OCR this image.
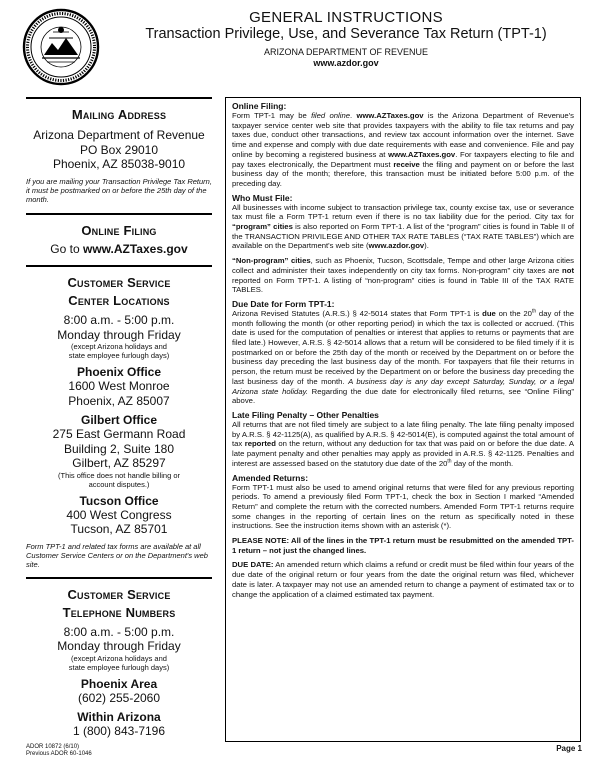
GENERAL INSTRUCTIONS
Transaction Privilege, Use, and Severance Tax Return (TPT-1)
ARIZONA DEPARTMENT OF REVENUE
www.azdor.gov
Mailing Address
Arizona Department of Revenue
PO Box 29010
Phoenix, AZ 85038-9010
If you are mailing your Transaction Privilege Tax Return, it must be postmarked on or before the 25th day of the month.
Online Filing
Go to www.AZTaxes.gov
Customer Service
Center Locations
8:00 a.m. - 5:00 p.m.
Monday through Friday
(except Arizona holidays and
state employee furlough days)
Phoenix Office
1600 West Monroe
Phoenix, AZ 85007
Gilbert Office
275 East Germann Road
Building 2, Suite 180
Gilbert, AZ 85297
(This office does not handle billing or
account disputes.)
Tucson Office
400 West Congress
Tucson, AZ 85701
Form TPT-1 and related tax forms are available at all Customer Service Centers or on the Department's web site.
Customer Service
Telephone Numbers
8:00 a.m. - 5:00 p.m.
Monday through Friday
(except Arizona holidays and
state employee furlough days)
Phoenix Area
(602) 255-2060
Within Arizona
1 (800) 843-7196
Online Filing:

Form TPT-1 may be filed online. www.AZTaxes.gov is the Arizona Department of Revenue's taxpayer service center web site that provides taxpayers with the ability to file tax returns and pay taxes due, conduct other transactions, and review tax account information over the internet. Save time and expense and comply with due date requirements with ease and convenience. File and pay online by becoming a registered business at www.AZTaxes.gov. For taxpayers electing to file and pay taxes electronically, the Department must receive the filing and payment on or before the last business day of the month; therefore, this transaction must be initiated before 5:00 p.m. of the preceding day.

Who Must File:

All businesses with income subject to transaction privilege tax, county excise tax, use or severance tax must file a Form TPT-1 return even if there is no tax liability due for the period. City tax for “program” cities is also reported on Form TPT-1. A list of the “program” cities is found in Table II of the TRANSACTION PRIVILEGE AND OTHER TAX RATE TABLES (“TAX RATE TABLES”) which are available on the Department's web site (www.azdor.gov).

“Non-program” cities, such as Phoenix, Tucson, Scottsdale, Tempe and other large Arizona cities collect and administer their taxes independently on city tax forms. Non-program” city taxes are not reported on Form TPT-1. A listing of “non-program” cities is found in Table III of the TAX RATE TABLES.

Due Date for Form TPT-1:

Arizona Revised Statutes (A.R.S.) § 42-5014 states that Form TPT-1 is due on the 20th day of the month following the month (or other reporting period) in which the tax is collected or accrued. (This date is used for the computation of penalties or interest that applies to returns or payments that are filed late.) However, A.R.S. § 42-5014 allows that a return will be considered to be filed timely if it is postmarked on or before the 25th day of the month or received by the Department on or before the business day preceding the last business day of the month. For taxpayers that file their returns in person, the return must be received by the Department on or before the business day preceding the last business day of the month. A business day is any day except Saturday, Sunday, or a legal Arizona state holiday. Regarding the due date for electronically filed returns, see “Online Filing” above.

Late Filing Penalty – Other Penalties

All returns that are not filed timely are subject to a late filing penalty. The late filing penalty imposed by A.R.S. § 42-1125(A), as qualified by A.R.S. § 42-5014(E), is computed against the total amount of tax reported on the return, without any deduction for tax that was paid on or before the due date. A late payment penalty and other penalties may apply as provided in A.R.S. § 42-1125. Penalties and interest are assessed based on the statutory due date of the 20th day of the month.

Amended Returns:

Form TPT-1 must also be used to amend original returns that were filed for any previous reporting periods. To amend a previously filed Form TPT-1, check the box in Section I marked “Amended Return” and complete the return with the corrected numbers. Amended Form TPT-1 returns require some changes in the reporting of certain lines on the return as specifically noted in these instructions. See the instruction items shown with an asterisk (*).

PLEASE NOTE: All of the lines in the TPT-1 return must be resubmitted on the amended TPT-1 return – not just the changed lines.

DUE DATE: An amended return which claims a refund or credit must be filed within four years of the due date of the original return or four years from the date the original return was filed, whichever date is later. A taxpayer may not use an amended return to change a payment of estimated tax or to change the application of a claimed estimated tax payment.

ADOR 10872 (6/10)
Previous ADOR 60-1046
Page 1
